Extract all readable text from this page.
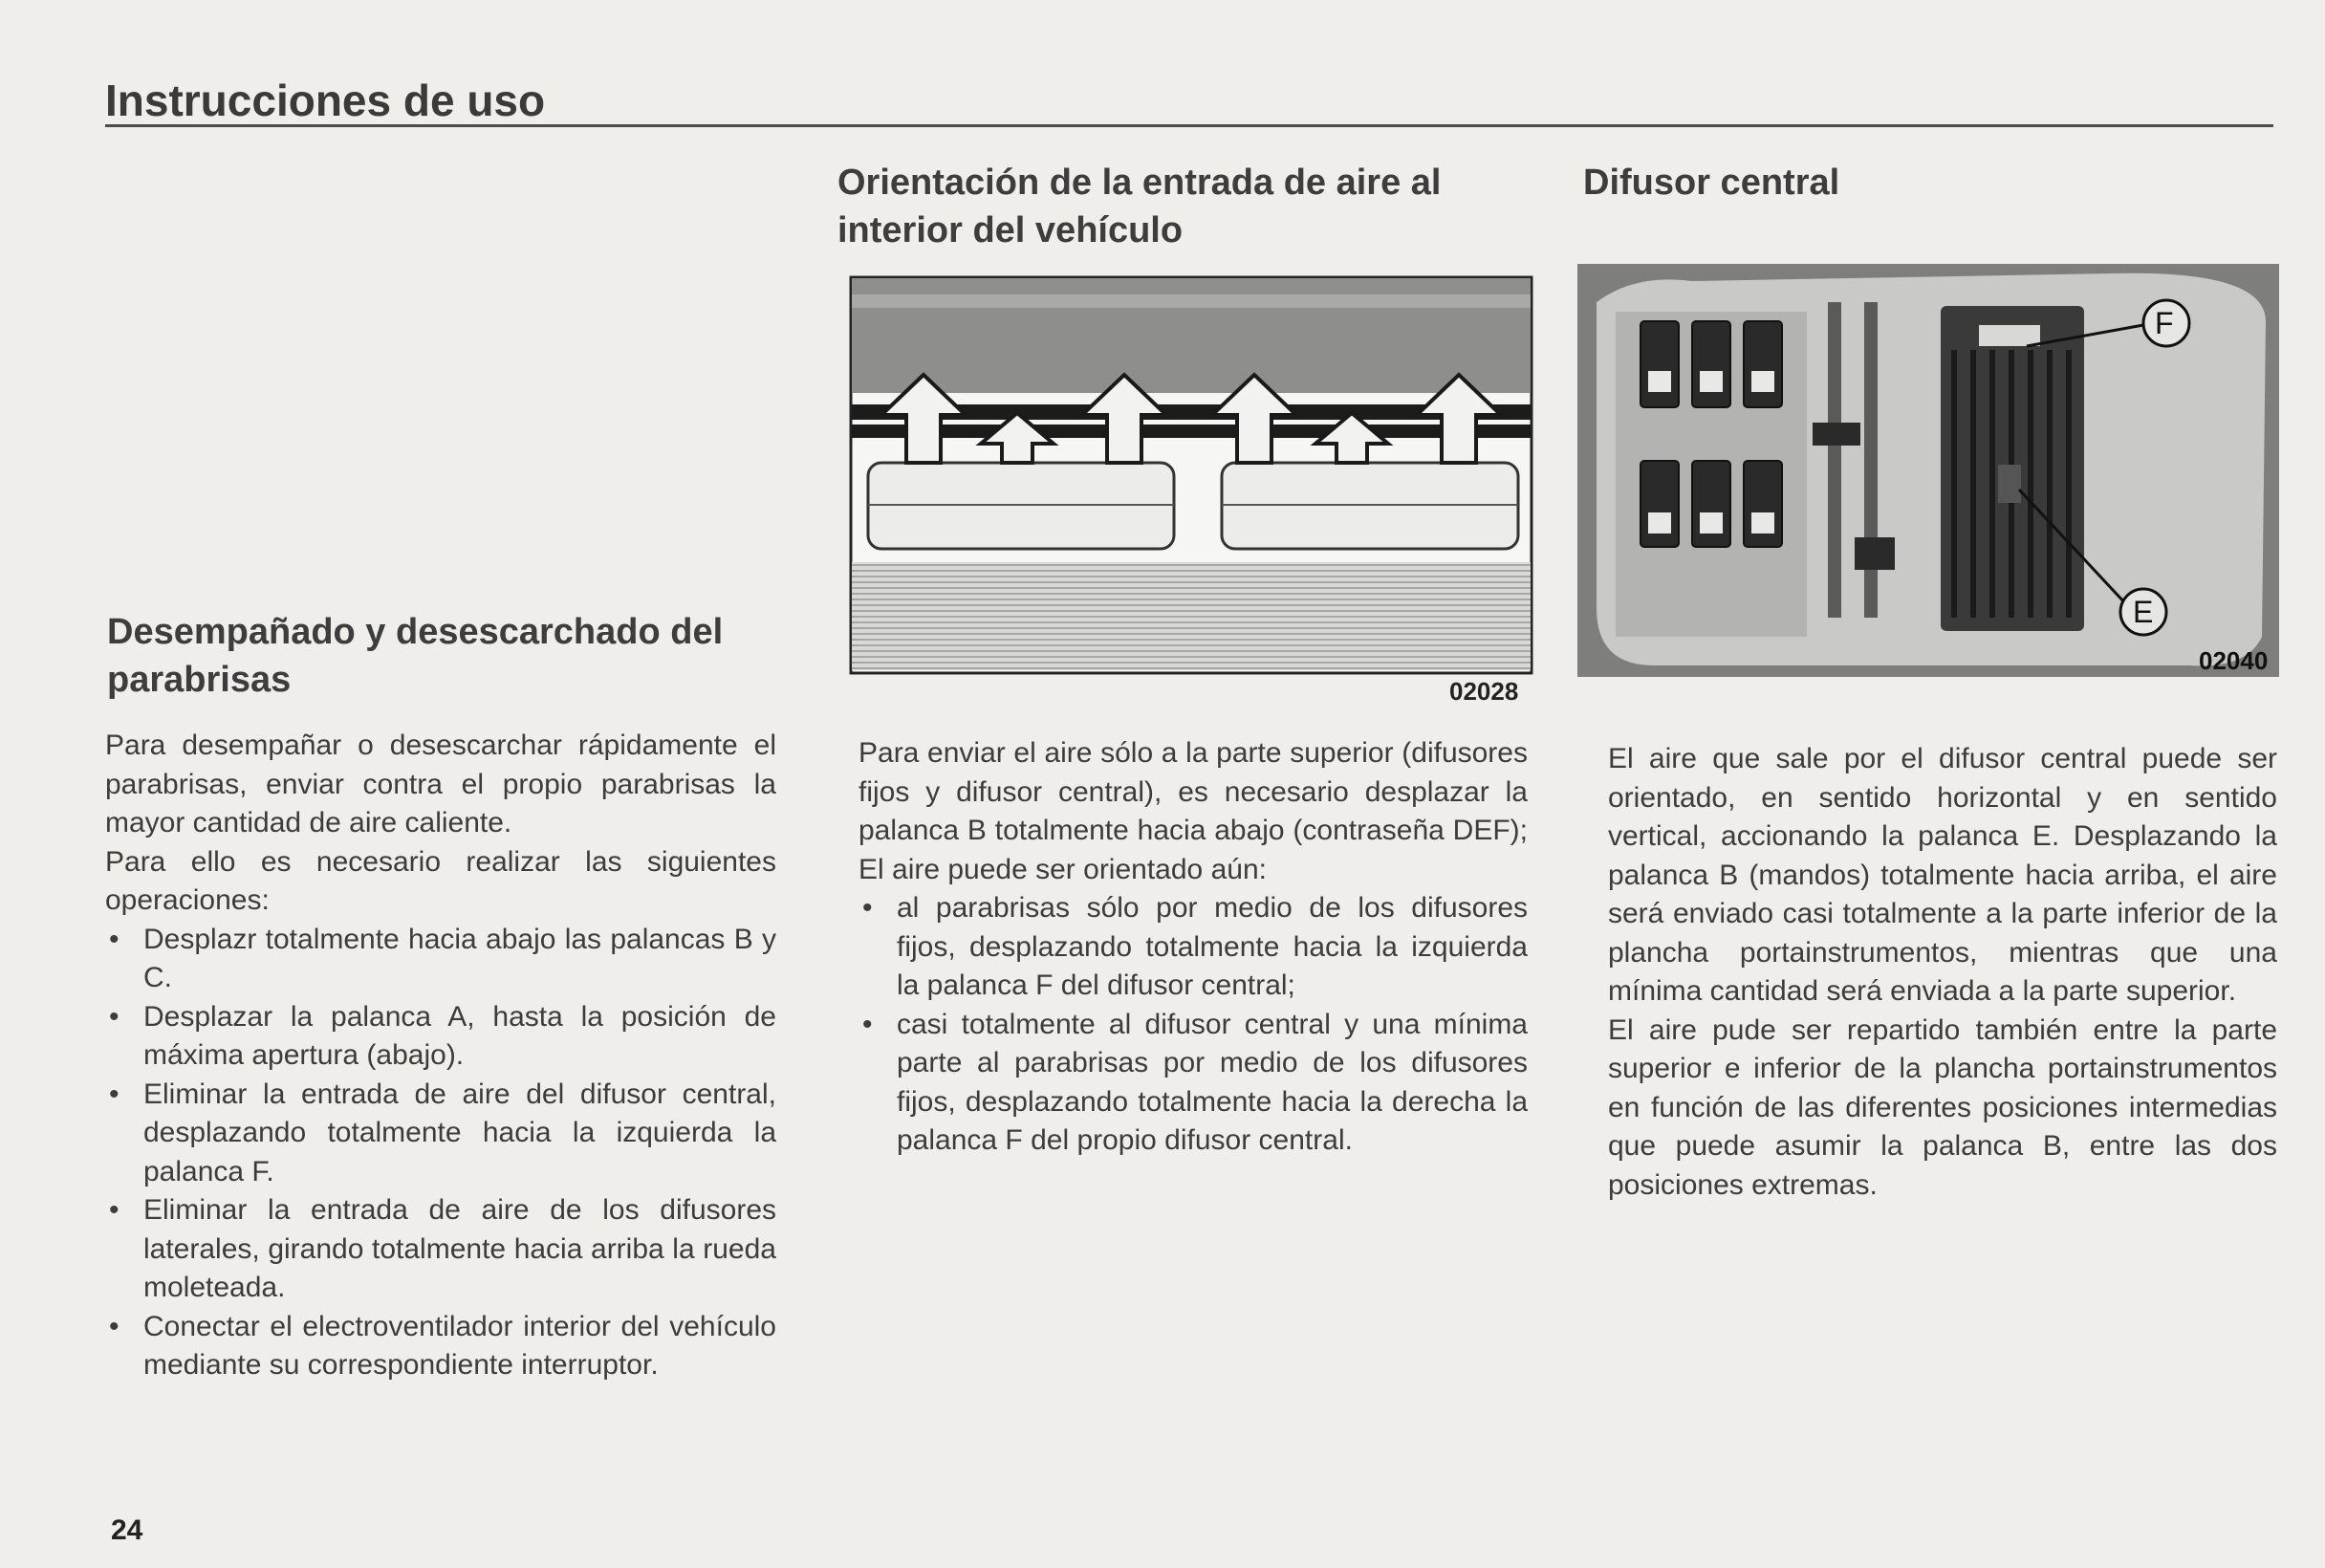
Instrucciones de uso
Desempañado y desescarchado del parabrisas

Para desempañar o desescarchar rápidamente el parabrisas, enviar contra el propio parabrisas la mayor cantidad de aire caliente.

Para ello es necesario realizar las siguientes operaciones:

• Desplazr totalmente hacia abajo las palancas B y C.
• Desplazar la palanca A, hasta la posición de máxima apertura (abajo).
• Eliminar la entrada de aire del difusor central, desplazando totalmente hacia la izquierda la palanca F.
• Eliminar la entrada de aire de los difusores laterales, girando totalmente hacia arriba la rueda moleteada.
• Conectar el electroventilador interior del vehículo mediante su correspondiente interruptor.
Orientación de la entrada de aire al interior del vehículo
02028

Para enviar el aire sólo a la parte superior (difusores fijos y difusor central), es necesario desplazar la palanca B totalmente hacia abajo (contraseña DEF); El aire puede ser orientado aún:

• al parabrisas sólo por medio de los difusores fijos, desplazando totalmente hacia la izquierda la palanca F del difusor central;
• casi totalmente al difusor central y una mínima parte al parabrisas por medio de los difusores fijos, desplazando totalmente hacia la derecha la palanca F del propio difusor central.
Difusor central
F
E
02040

El aire que sale por el difusor central puede ser orientado, en sentido horizontal y en sentido vertical, accionando la palanca E. Desplazando la palanca B (mandos) totalmente hacia arriba, el aire será enviado casi totalmente a la parte inferior de la plancha portainstrumentos, mientras que una mínima cantidad será enviada a la parte superior.

El aire pude ser repartido también entre la parte superior e inferior de la plancha portainstrumentos en función de las diferentes posiciones intermedias que puede asumir la palanca B, entre las dos posiciones extremas.

24
